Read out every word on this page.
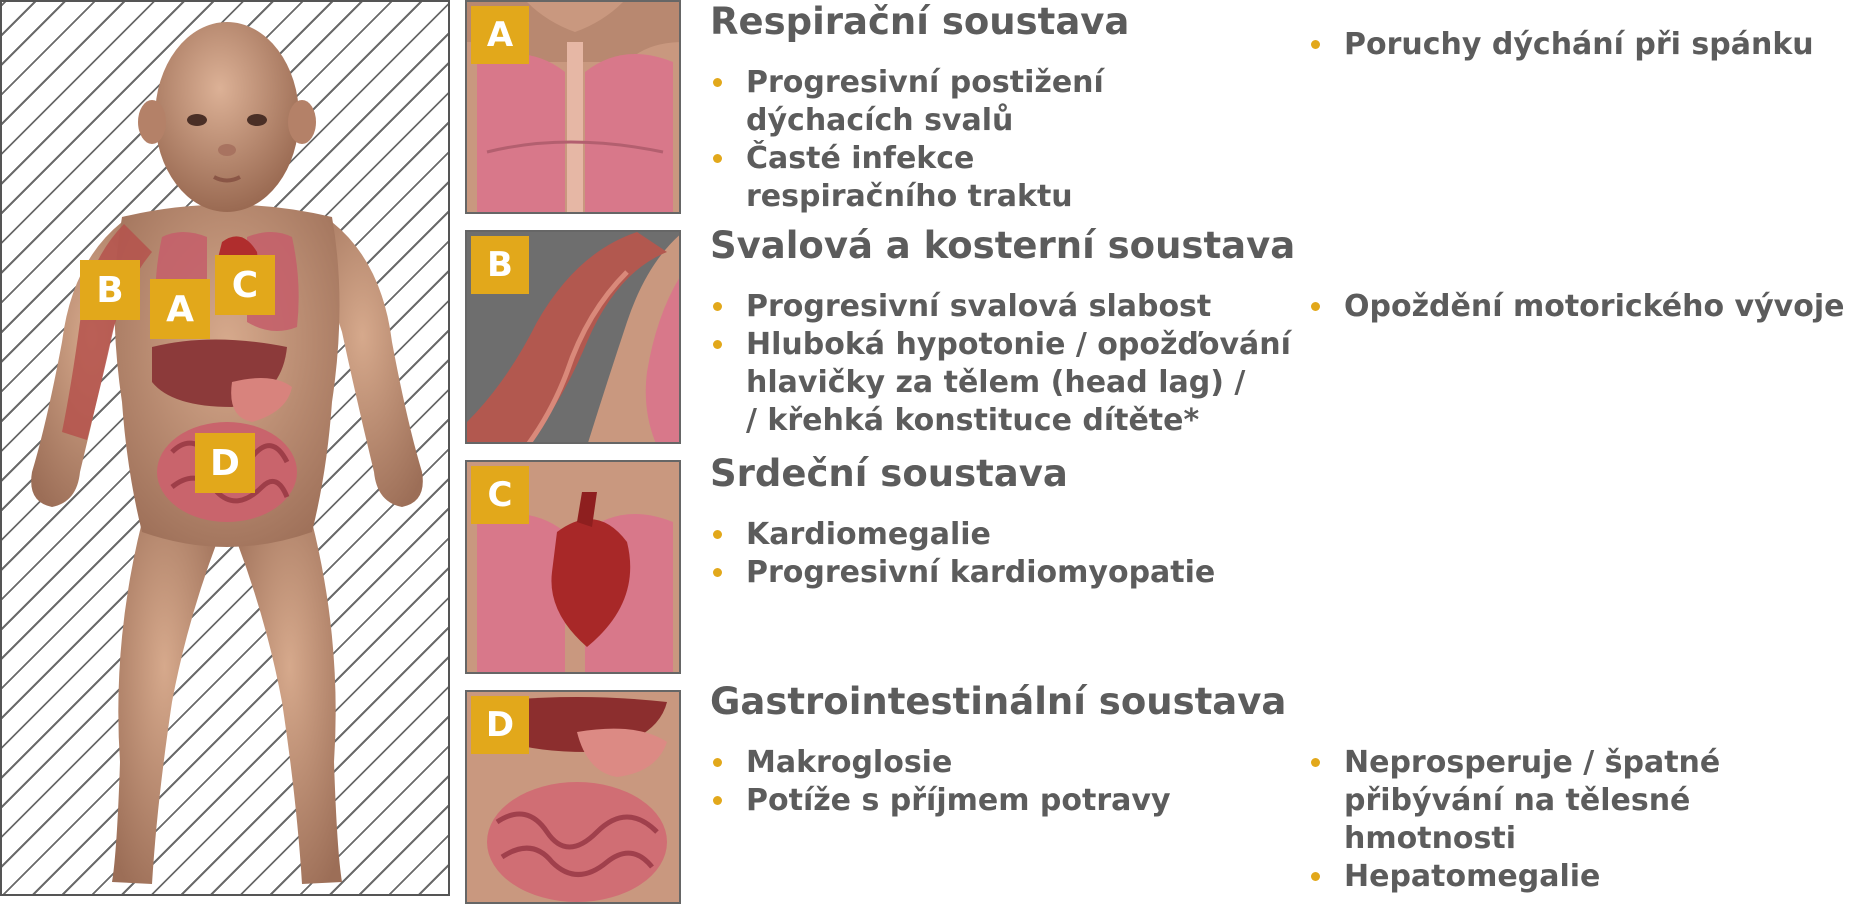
B	A
C
D
A
B
C
D
Respirační soustava
Progresivní postižení
dýchacích svalů
Časté infekce
respiračního traktu
Poruchy dýchání při spánku
Svalová a kosterní soustava
Progresivní svalová slabost
Hluboká hypotonie / opožďování
hlavičky za tělem (head lag) /
/ křehká konstituce dítěte*
Opoždění motorického vývoje
Srdeční soustava
Kardiomegalie
Progresivní kardiomyopatie
Gastrointestinální soustava
Makroglosie
Potíže s příjmem potravy
Neprosperuje / špatné
přibývání na tělesné hmotnosti
Hepatomegalie
